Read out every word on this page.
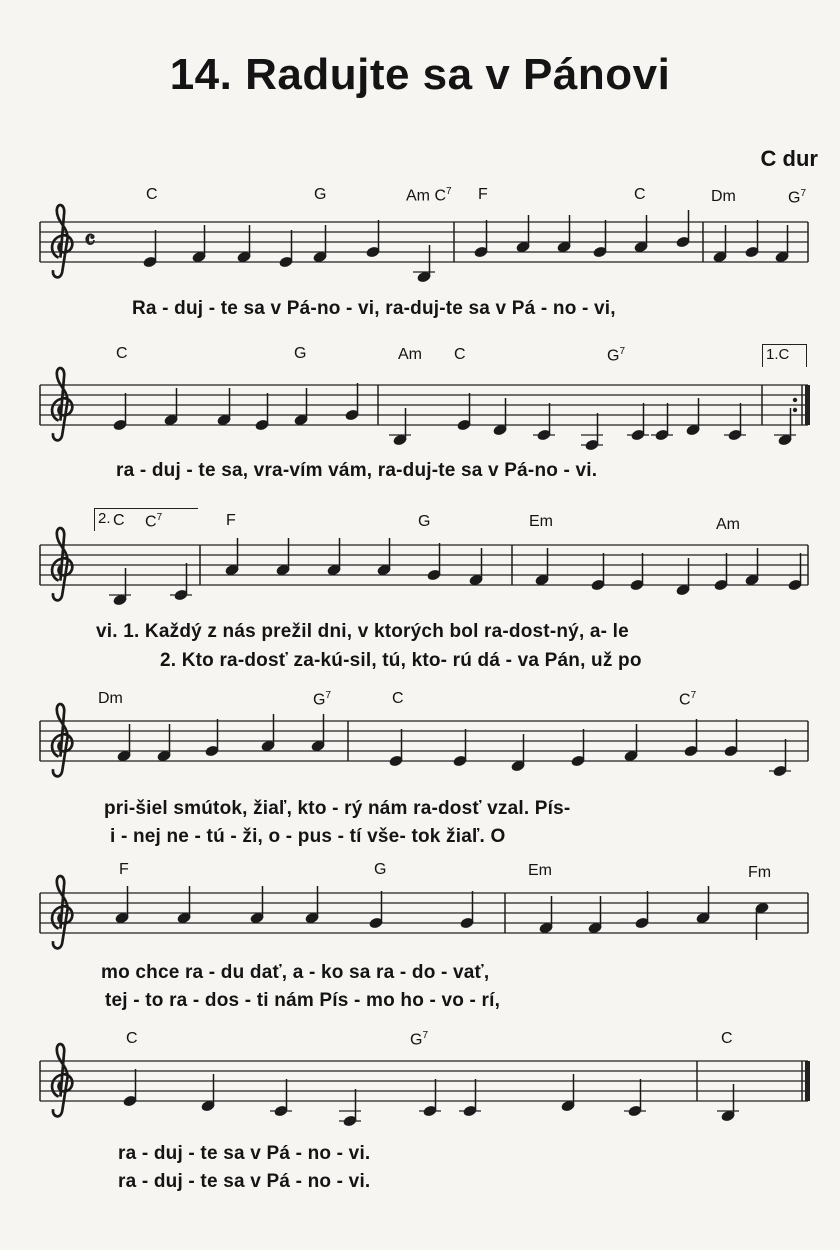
14. Radujte sa v Pánovi
C dur
C	G	Am $C^7$ F	C	Dm	$G^7$
Ra - duj - te sa v Pá-no - vi, ra-duj-te sa v Pá - no - vi,
C	G	Am C	$G^7$	1.C
ra - duj - te sa, vra-vím vám, ra-duj-te sa v Pá-no - vi.
2. C $C^7$	F	G	Em	Am
vi. 1. Každý z nás prežil dni, v ktorých bol ra-dost-ný, a- le
2. Kto ra-dosť za-kú-sil, tú, kto- rú dá - va Pán, už po
Dm	$G^7$	C	$C^7$
pri-šiel smútok, žiaľ, kto - rý nám ra-dosť vzal. Pís-
i - nej ne - tú - ži, o - pus - tí vše- tok žiaľ. O
F	G	Em	Fm
mo chce ra - du dať, a - ko sa ra - do - vať,
tej - to ra - dos - ti nám Pís - mo ho - vo - rí,
C	$G^7$	C
ra - duj - te sa v Pá - no - vi.
ra - duj - te sa v Pá - no - vi.
𝄴
